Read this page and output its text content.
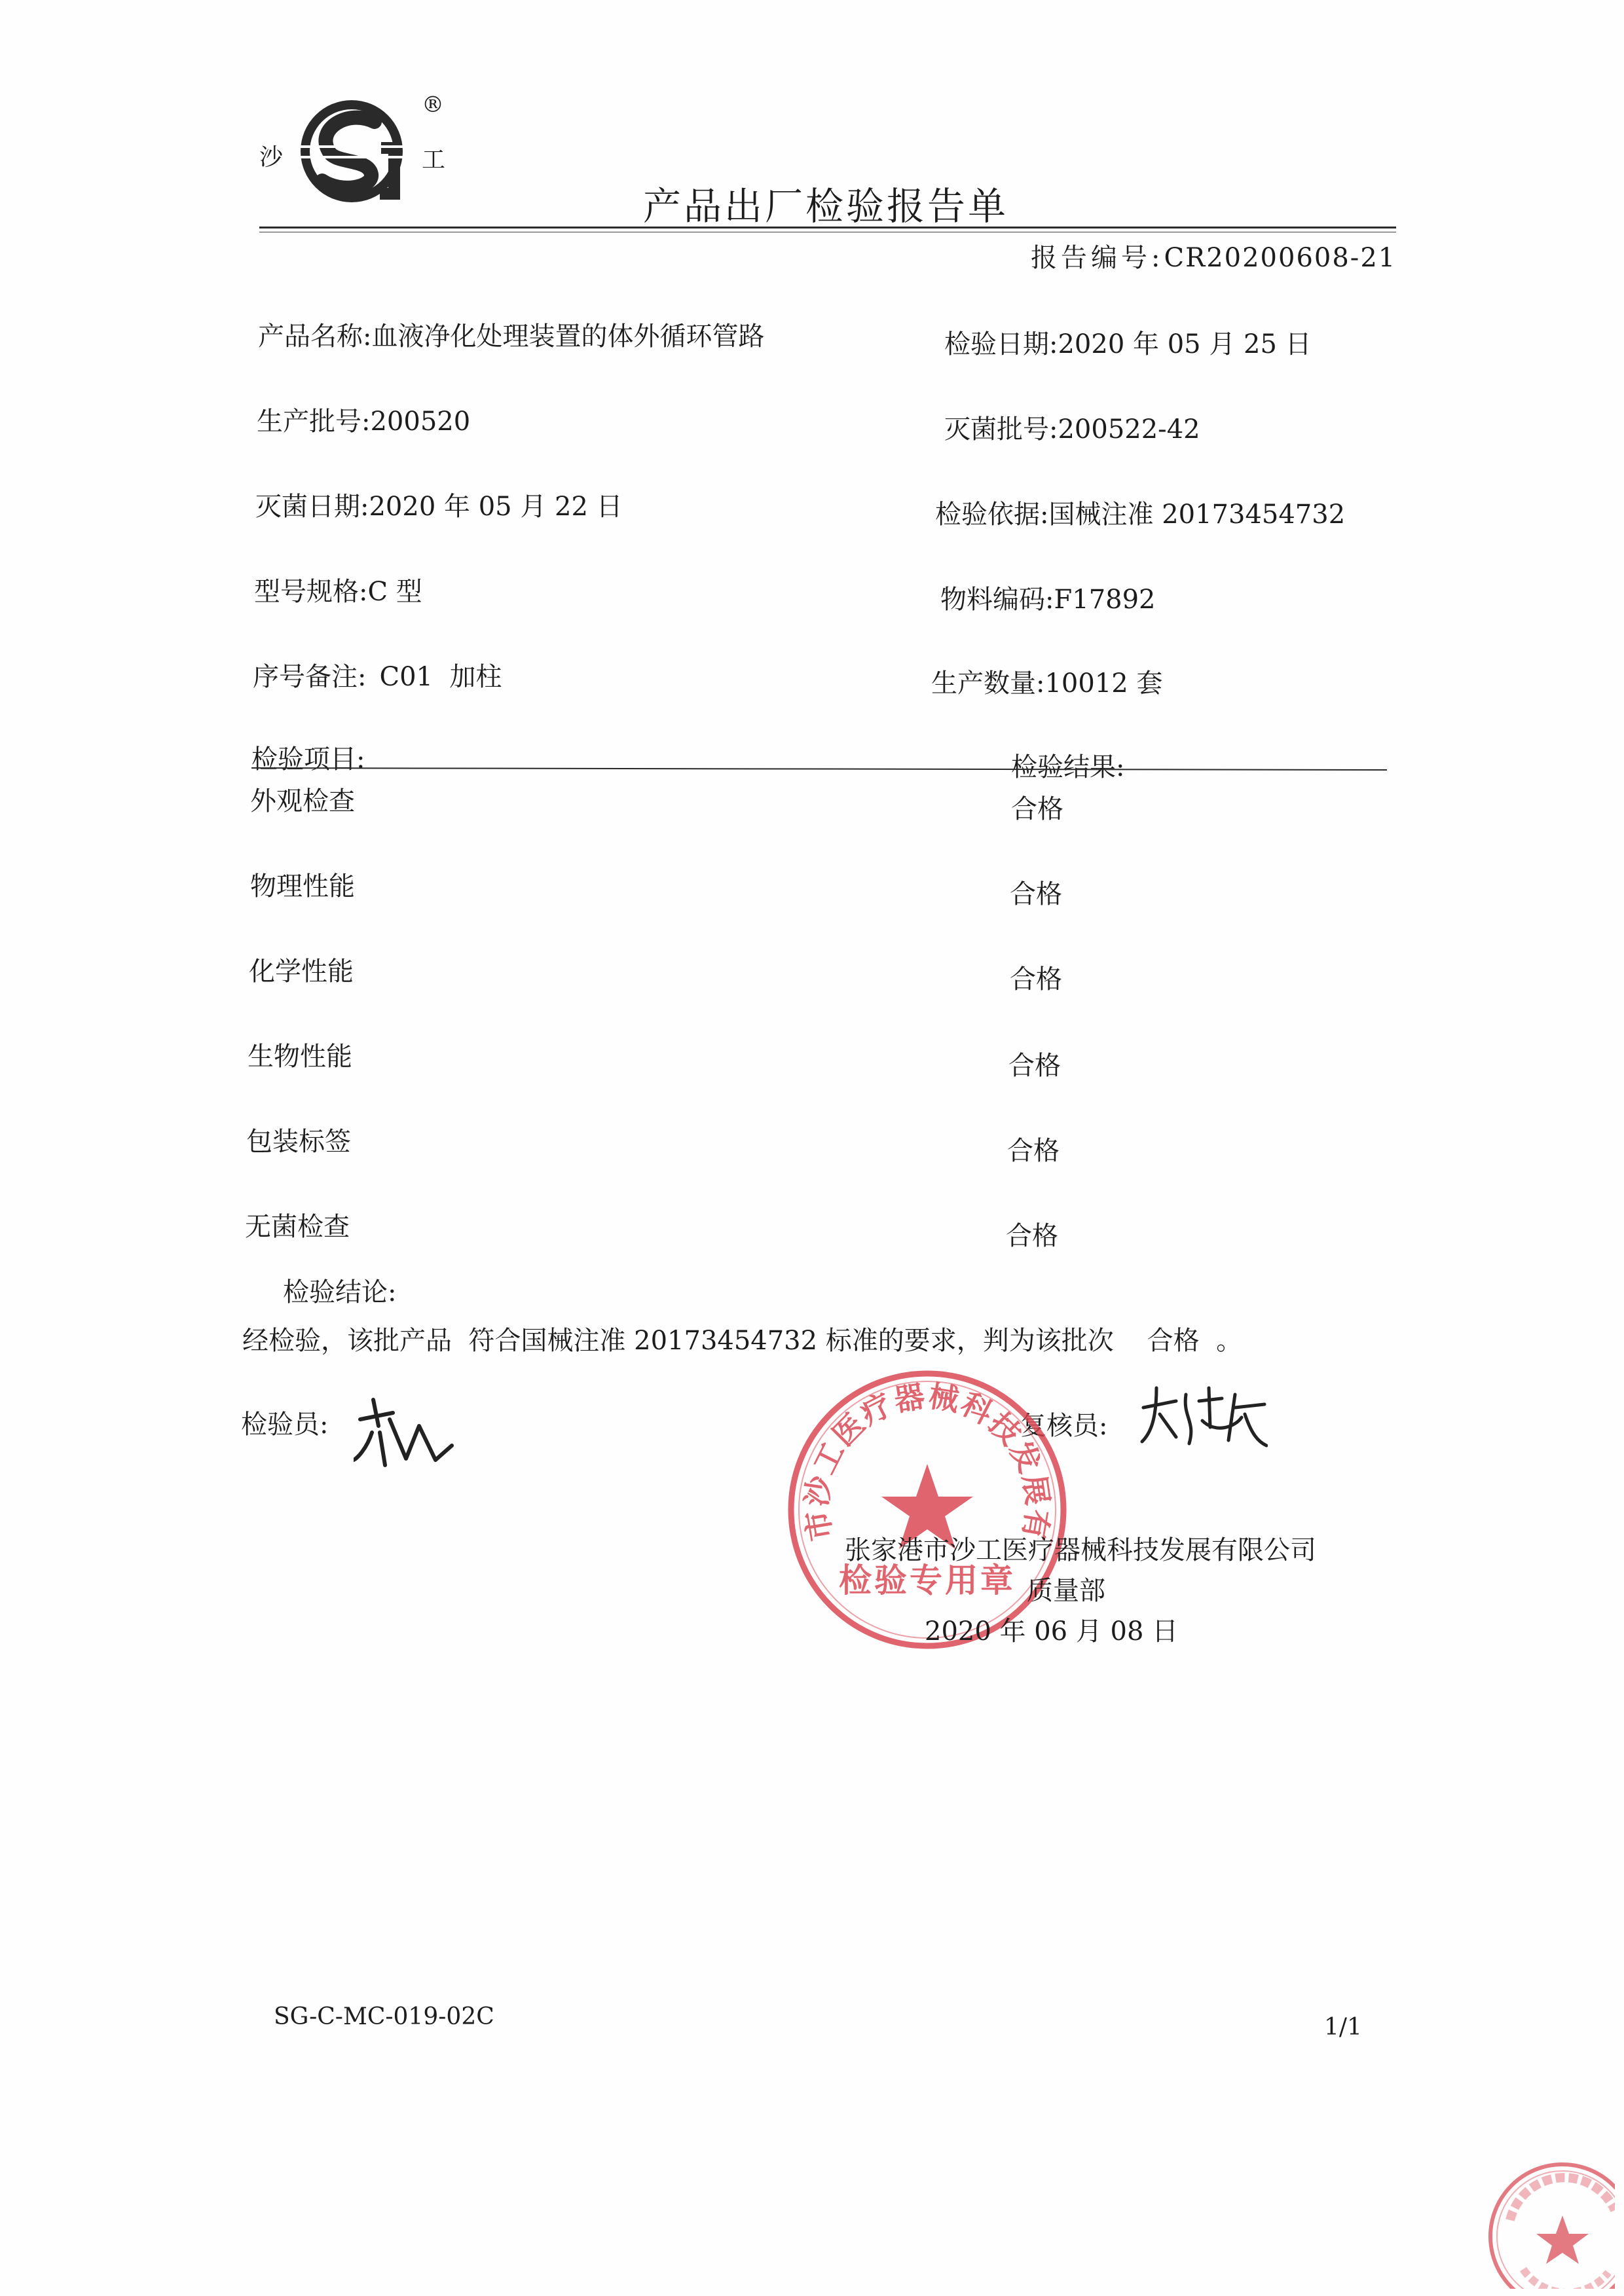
沙
®
工
产品出厂检验报告单
报告编号:CR20200608-21
产品名称:血液净化处理装置的体外循环管路	检验日期:2020 年 05 月 25 日
生产批号:200520	灭菌批号:200522-42
灭菌日期:2020 年 05 月 22 日	检验依据:国械注准 20173454732
型号规格:C 型	物料编码:F17892
序号备注: C01  加柱	生产数量:10012 套
检验项目:	检验结果:
外观检查	合格
物理性能	合格
化学性能	合格
生物性能	合格
包装标签	合格
无菌检查	合格
检验结论:
经检验，该批产品  符合国械注准 20173454732 标准的要求，判为该批次    合格  。
检验员:	复核员:
市沙工医疗器械科技发展有
检验专用章
张家港市沙工医疗器械科技发展有限公司
质量部
2020 年 06 月 08 日
SG-C-MC-019-02C	1/1
